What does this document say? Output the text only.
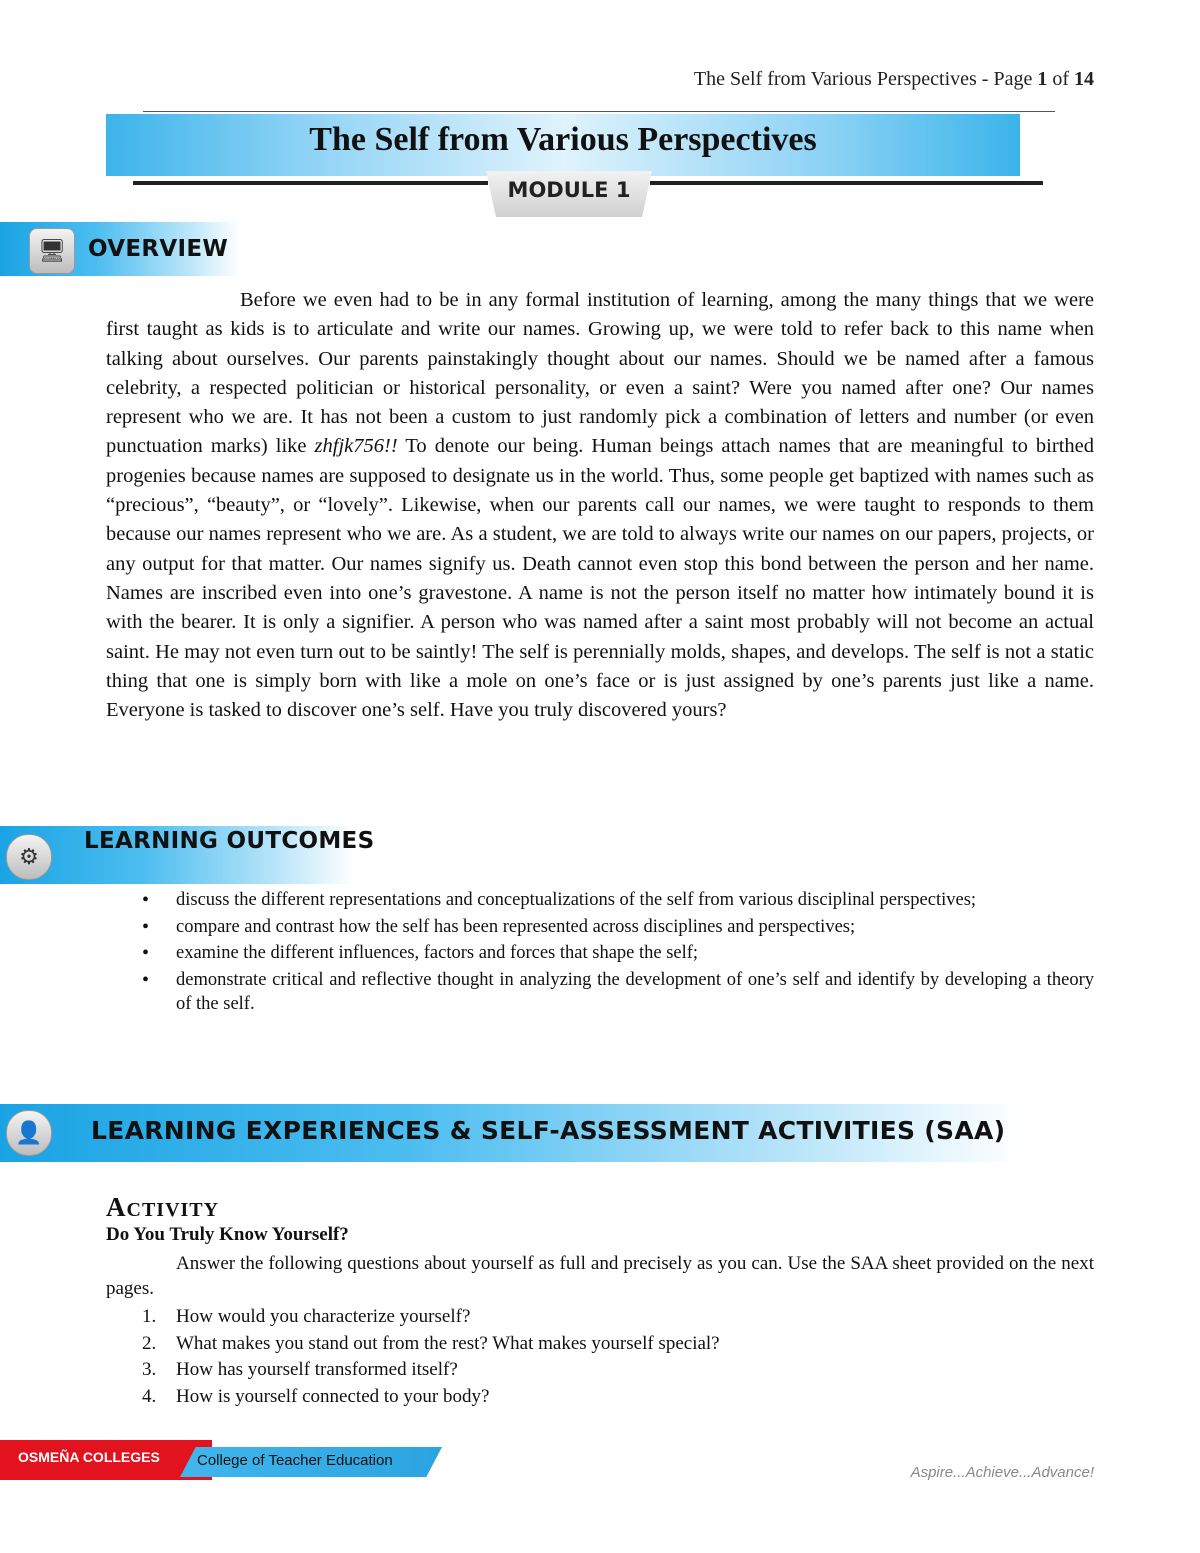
The Self from Various Perspectives - Page 1 of 14
The Self from Various Perspectives
MODULE 1
🖥 OVERVIEW

Before we even had to be in any formal institution of learning, among the many things that we were first taught as kids is to articulate and write our names. Growing up, we were told to refer back to this name when talking about ourselves. Our parents painstakingly thought about our names. Should we be named after a famous celebrity, a respected politician or historical personality, or even a saint? Were you named after one? Our names represent who we are. It has not been a custom to just randomly pick a combination of letters and number (or even punctuation marks) like zhfjk756!! To denote our being. Human beings attach names that are meaningful to birthed progenies because names are supposed to designate us in the world. Thus, some people get baptized with names such as “precious”, “beauty”, or “lovely”. Likewise, when our parents call our names, we were taught to responds to them because our names represent who we are. As a student, we are told to always write our names on our papers, projects, or any output for that matter. Our names signify us. Death cannot even stop this bond between the person and her name. Names are inscribed even into one’s gravestone. A name is not the person itself no matter how intimately bound it is with the bearer. It is only a signifier. A person who was named after a saint most probably will not become an actual saint. He may not even turn out to be saintly! The self is perennially molds, shapes, and develops. The self is not a static thing that one is simply born with like a mole on one’s face or is just assigned by one’s parents just like a name. Everyone is tasked to discover one’s self. Have you truly discovered yours?

⚙
LEARNING OUTCOMES
• discuss the different representations and conceptualizations of the self from various disciplinal perspectives;
• compare and contrast how the self has been represented across disciplines and perspectives;
• examine the different influences, factors and forces that shape the self;
• demonstrate critical and reflective thought in analyzing the development of one’s self and identify by developing a theory of the self.
👤	LEARNING EXPERIENCES & SELF-ASSESSMENT ACTIVITIES (SAA)
ACTIVITY
Do You Truly Know Yourself?

Answer the following questions about yourself as full and precisely as you can. Use the SAA sheet provided on the next pages.

1. How would you characterize yourself?
2. What makes you stand out from the rest? What makes yourself special?
3. How has yourself transformed itself?
4. How is yourself connected to your body?
OSMEÑA COLLEGES	College of Teacher Education
Aspire...Achieve...Advance!
